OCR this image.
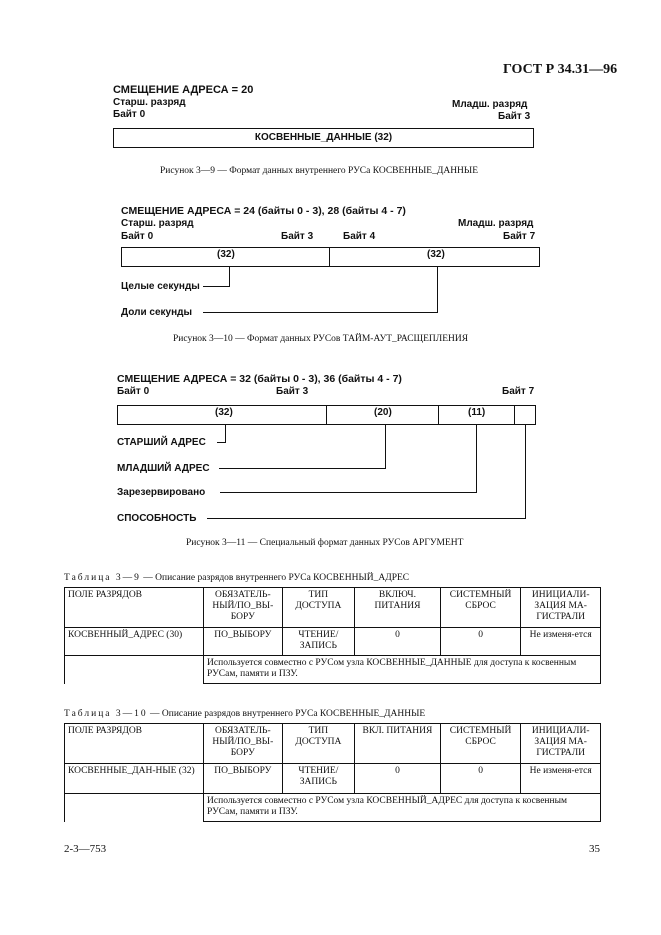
ГОСТ Р 34.31—96
СМЕЩЕНИЕ АДРЕСА = 20
Старш. разряд
Байт 0
Младш. разряд
Байт 3
КОСВЕННЫЕ_ДАННЫЕ (32)
Рисунок 3—9 — Формат данных внутреннего РУСа КОСВЕННЫЕ_ДАННЫЕ
СМЕЩЕНИЕ АДРЕСА = 24 (байты 0 - 3), 28 (байты 4 - 7)
Старш. разряд	Младш. разряд
Байт 0	Байт 3	Байт 4	Байт 7
(32)	(32)
Целые секунды
Доли секунды
Рисунок 3—10 — Формат данных РУСов ТАЙМ-АУТ_РАСЩЕПЛЕНИЯ
СМЕЩЕНИЕ АДРЕСА = 32 (байты 0 - 3), 36 (байты 4 - 7)
Байт 0	Байт 3	Байт 7
(32)	(20)	(11)
СТАРШИЙ АДРЕС
МЛАДШИЙ АДРЕС
Зарезервировано
СПОСОБНОСТЬ
Рисунок 3—11 — Специальный формат данных РУСов АРГУМЕНТ
Таблица 3—9 — Описание разрядов внутреннего РУСа КОСВЕННЫЙ_АДРЕС
ПОЛЕ РАЗРЯДОВ	ОБЯЗАТЕЛЬ-НЫЙ/ПО_ВЫ-БОРУ	ТИП ДОСТУПА	ВКЛЮЧ. ПИТАНИЯ	СИСТЕМНЫЙ СБРОС	ИНИЦИАЛИ-ЗАЦИЯ МА-ГИСТРАЛИ
КОСВЕННЫЙ_АДРЕС (30)	ПО_ВЫБОРУ	ЧТЕНИЕ/ ЗАПИСЬ	0	0	Не изменя-ется
	Используется совместно с РУСом узла КОСВЕННЫЕ_ДАННЫЕ для доступа к косвенным РУСам, памяти и ПЗУ.				
Таблица 3—10 — Описание разрядов внутреннего РУСа КОСВЕННЫЕ_ДАННЫЕ
ПОЛЕ РАЗРЯДОВ	ОБЯЗАТЕЛЬ-НЫЙ/ПО_ВЫ-БОРУ	ТИП ДОСТУПА	ВКЛ. ПИТАНИЯ	СИСТЕМНЫЙ СБРОС	ИНИЦИАЛИ-ЗАЦИЯ МА-ГИСТРАЛИ
КОСВЕННЫЕ_ДАН-НЫЕ (32)	ПО_ВЫБОРУ	ЧТЕНИЕ/ ЗАПИСЬ	0	0	Не изменя-ется
	Используется совместно с РУСом узла КОСВЕННЫЙ_АДРЕС для доступа к косвенным РУСам, памяти и ПЗУ.				
2-3—753	35
